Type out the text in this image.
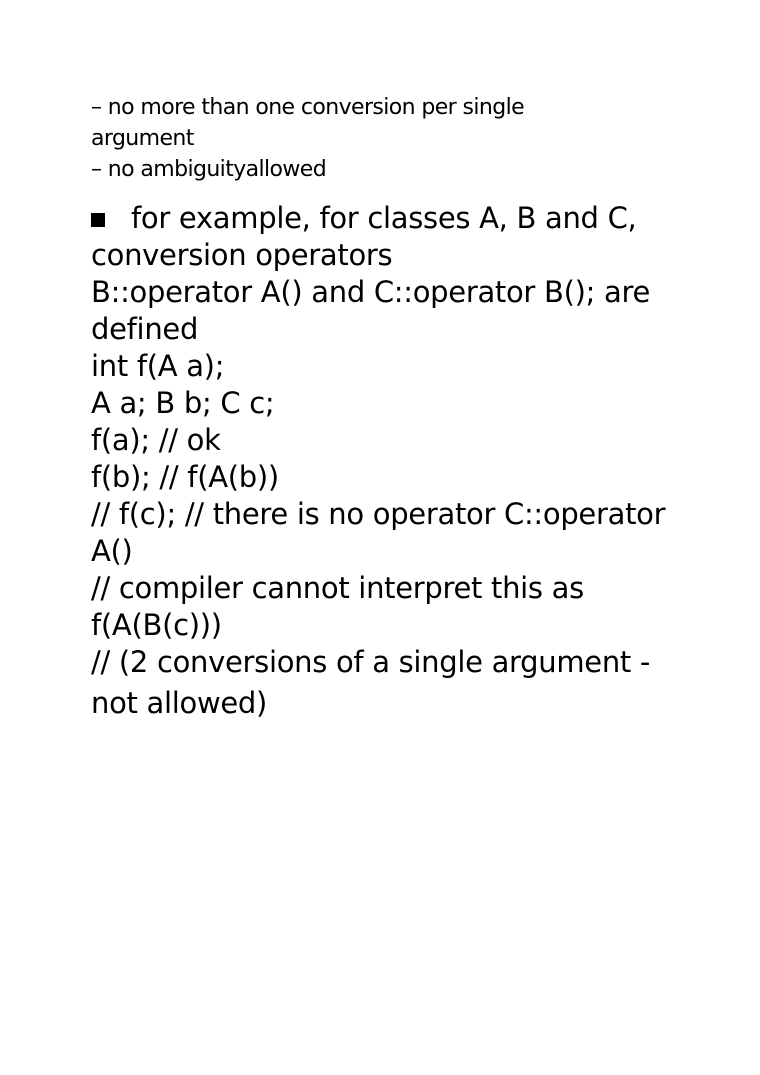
– no more than one conversion per single
argument
– no ambiguityallowed
for example, for classes A, B and C,
conversion operators
B::operator A() and C::operator B(); are
defined
int f(A a);
A a; B b; C c;
f(a); // ok
f(b); // f(A(b))
// f(c); // there is no operator C::operator
A()
// compiler cannot interpret this as
f(A(B(c)))
// (2 conversions of a single argument -
not allowed)
